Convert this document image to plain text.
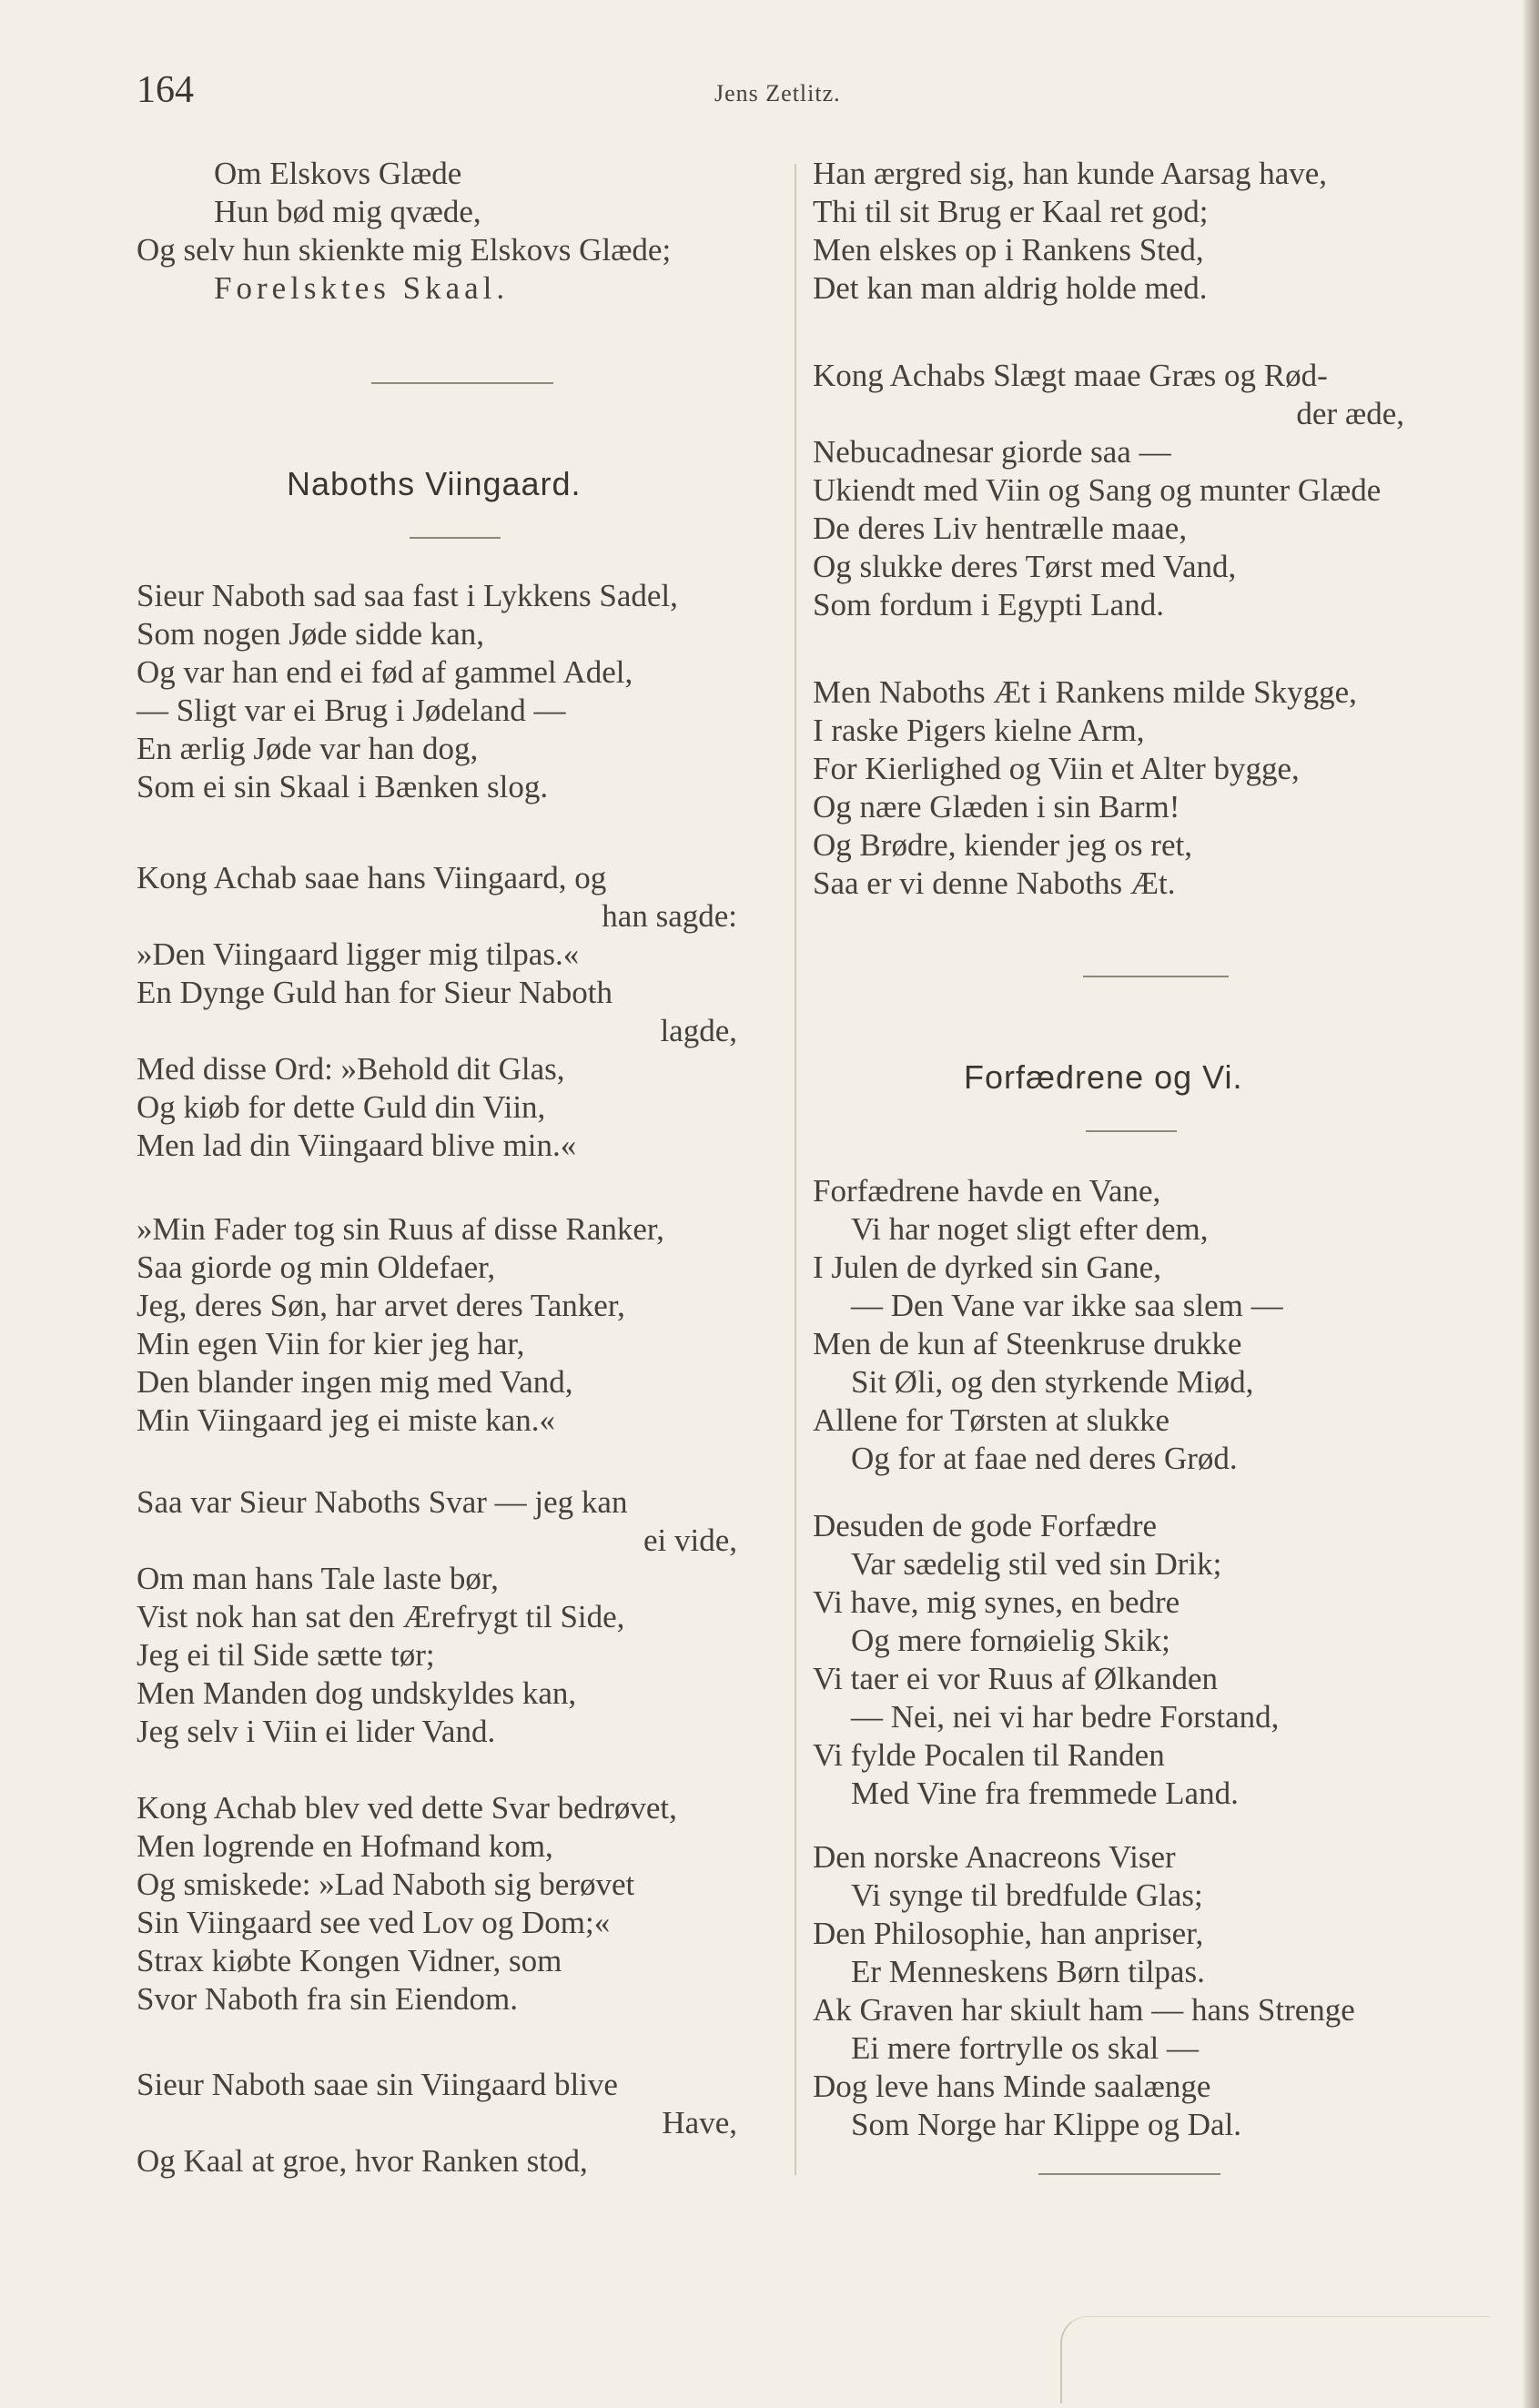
164	Jens Zetlitz.
Om Elskovs Glæde
Hun bød mig qvæde,
Og selv hun skienkte mig Elskovs Glæde;
Forelsktes Skaal.
Naboths Viingaard.
Sieur Naboth sad saa fast i Lykkens Sadel,
Som nogen Jøde sidde kan,
Og var han end ei fød af gammel Adel,
— Sligt var ei Brug i Jødeland —
En ærlig Jøde var han dog,
Som ei sin Skaal i Bænken slog.
Kong Achab saae hans Viingaard, og
han sagde:
»Den Viingaard ligger mig tilpas.«
En Dynge Guld han for Sieur Naboth
lagde,
Med disse Ord: »Behold dit Glas,
Og kiøb for dette Guld din Viin,
Men lad din Viingaard blive min.«
»Min Fader tog sin Ruus af disse Ranker,
Saa giorde og min Oldefaer,
Jeg, deres Søn, har arvet deres Tanker,
Min egen Viin for kier jeg har,
Den blander ingen mig med Vand,
Min Viingaard jeg ei miste kan.«
Saa var Sieur Naboths Svar — jeg kan
ei vide,
Om man hans Tale laste bør,
Vist nok han sat den Ærefrygt til Side,
Jeg ei til Side sætte tør;
Men Manden dog undskyldes kan,
Jeg selv i Viin ei lider Vand.
Kong Achab blev ved dette Svar bedrøvet,
Men logrende en Hofmand kom,
Og smiskede: »Lad Naboth sig berøvet
Sin Viingaard see ved Lov og Dom;«
Strax kiøbte Kongen Vidner, som
Svor Naboth fra sin Eiendom.
Sieur Naboth saae sin Viingaard blive
Have,
Og Kaal at groe, hvor Ranken stod,
Han ærgred sig, han kunde Aarsag have,
Thi til sit Brug er Kaal ret god;
Men elskes op i Rankens Sted,
Det kan man aldrig holde med.
Kong Achabs Slægt maae Græs og Rød-
der æde,
Nebucadnesar giorde saa —
Ukiendt med Viin og Sang og munter Glæde
De deres Liv hentrælle maae,
Og slukke deres Tørst med Vand,
Som fordum i Egypti Land.
Men Naboths Æt i Rankens milde Skygge,
I raske Pigers kielne Arm,
For Kierlighed og Viin et Alter bygge,
Og nære Glæden i sin Barm!
Og Brødre, kiender jeg os ret,
Saa er vi denne Naboths Æt.
Forfædrene og Vi.
Forfædrene havde en Vane,
Vi har noget sligt efter dem,
I Julen de dyrked sin Gane,
— Den Vane var ikke saa slem —
Men de kun af Steenkruse drukke
Sit Øli, og den styrkende Miød,
Allene for Tørsten at slukke
Og for at faae ned deres Grød.
Desuden de gode Forfædre
Var sædelig stil ved sin Drik;
Vi have, mig synes, en bedre
Og mere fornøielig Skik;
Vi taer ei vor Ruus af Ølkanden
— Nei, nei vi har bedre Forstand,
Vi fylde Pocalen til Randen
Med Vine fra fremmede Land.
Den norske Anacreons Viser
Vi synge til bredfulde Glas;
Den Philosophie, han anpriser,
Er Menneskens Børn tilpas.
Ak Graven har skiult ham — hans Strenge
Ei mere fortrylle os skal —
Dog leve hans Minde saalænge
Som Norge har Klippe og Dal.
